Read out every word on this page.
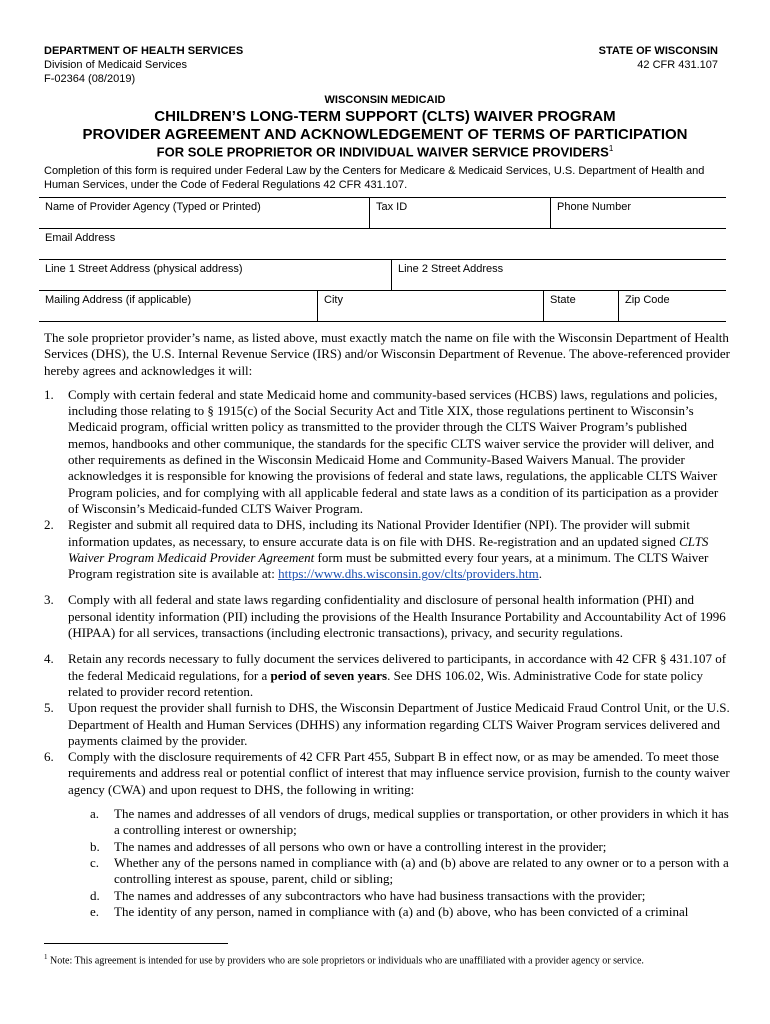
DEPARTMENT OF HEALTH SERVICES
Division of Medicaid Services
F-02364 (08/2019)
STATE OF WISCONSIN
42 CFR 431.107
WISCONSIN MEDICAID
CHILDREN’S LONG-TERM SUPPORT (CLTS) WAIVER PROGRAM
PROVIDER AGREEMENT AND ACKNOWLEDGEMENT OF TERMS OF PARTICIPATION
FOR SOLE PROPRIETOR OR INDIVIDUAL WAIVER SERVICE PROVIDERS$^1$
Completion of this form is required under Federal Law by the Centers for Medicare & Medicaid Services, U.S. Department of Health and Human Services, under the Code of Federal Regulations 42 CFR 431.107.
Name of Provider Agency (Typed or Printed)	Tax ID	Phone Number
Email Address
Line 1 Street Address (physical address)	Line 2 Street Address
Mailing Address (if applicable)	City	State	Zip Code

The sole proprietor provider’s name, as listed above, must exactly match the name on file with the Wisconsin Department of Health Services (DHS), the U.S. Internal Revenue Service (IRS) and/or Wisconsin Department of Revenue. The above-referenced provider hereby agrees and acknowledges it will:

1. Comply with certain federal and state Medicaid home and community-based services (HCBS) laws, regulations and policies, including those relating to § 1915(c) of the Social Security Act and Title XIX, those regulations pertinent to Wisconsin’s Medicaid program, official written policy as transmitted to the provider through the CLTS Waiver Program’s published memos, handbooks and other communique, the standards for the specific CLTS waiver service the provider will deliver, and other requirements as defined in the Wisconsin Medicaid Home and Community-Based Waivers Manual. The provider acknowledges it is responsible for knowing the provisions of federal and state laws, regulations, the applicable CLTS Waiver Program policies, and for complying with all applicable federal and state laws as a condition of its participation as a provider of Wisconsin’s Medicaid-funded CLTS Waiver Program.
2. Register and submit all required data to DHS, including its National Provider Identifier (NPI). The provider will submit information updates, as necessary, to ensure accurate data is on file with DHS. Re-registration and an updated signed CLTS Waiver Program Medicaid Provider Agreement form must be submitted every four years, at a minimum. The CLTS Waiver Program registration site is available at: https://www.dhs.wisconsin.gov/clts/providers.htm.
3. Comply with all federal and state laws regarding confidentiality and disclosure of personal health information (PHI) and personal identity information (PII) including the provisions of the Health Insurance Portability and Accountability Act of 1996 (HIPAA) for all services, transactions (including electronic transactions), privacy, and security regulations.
4. Retain any records necessary to fully document the services delivered to participants, in accordance with 42 CFR § 431.107 of the federal Medicaid regulations, for a period of seven years. See DHS 106.02, Wis. Administrative Code for state policy related to provider record retention.
5. Upon request the provider shall furnish to DHS, the Wisconsin Department of Justice Medicaid Fraud Control Unit, or the U.S. Department of Health and Human Services (DHHS) any information regarding CLTS Waiver Program services delivered and payments claimed by the provider.
6. Comply with the disclosure requirements of 42 CFR Part 455, Subpart B in effect now, or as may be amended. To meet those requirements and address real or potential conflict of interest that may influence service provision, furnish to the county waiver agency (CWA) and upon request to DHS, the following in writing:
a. The names and addresses of all vendors of drugs, medical supplies or transportation, or other providers in which it has a controlling interest or ownership;
b. The names and addresses of all persons who own or have a controlling interest in the provider;
c. Whether any of the persons named in compliance with (a) and (b) above are related to any owner or to a person with a controlling interest as spouse, parent, child or sibling;
d. The names and addresses of any subcontractors who have had business transactions with the provider;
e. The identity of any person, named in compliance with (a) and (b) above, who has been convicted of a criminal
$^1$ Note: This agreement is intended for use by providers who are sole proprietors or individuals who are unaffiliated with a provider agency or service.
